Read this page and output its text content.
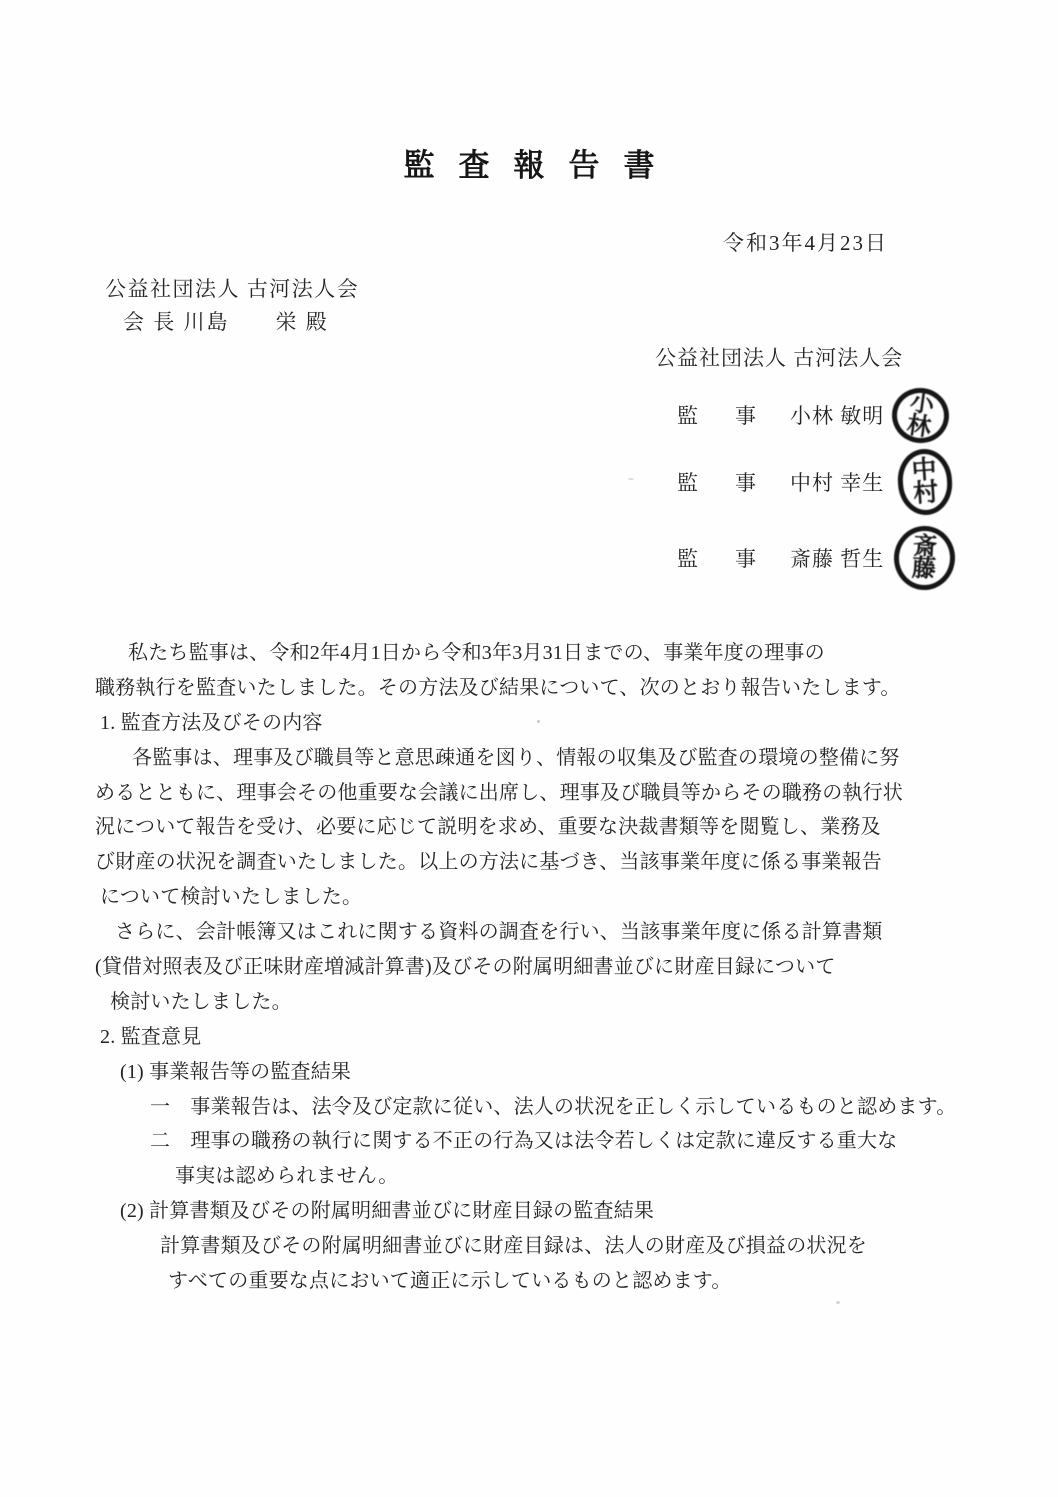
監査報告書
令和3年4月23日
公益社団法人 古河法人会
会 長 川島　　栄 殿
公益社団法人 古河法人会
監　事 小林 敏明 小林
監　事 中村 幸生 中村
監　事 斎藤 哲生 斎藤
私たち監事は、令和2年4月1日から令和3年3月31日までの、事業年度の理事の
職務執行を監査いたしました。その方法及び結果について、次のとおり報告いたします。
1. 監査方法及びその内容
各監事は、理事及び職員等と意思疎通を図り、情報の収集及び監査の環境の整備に努
めるとともに、理事会その他重要な会議に出席し、理事及び職員等からその職務の執行状
況について報告を受け、必要に応じて説明を求め、重要な決裁書類等を閲覧し、業務及
び財産の状況を調査いたしました。以上の方法に基づき、当該事業年度に係る事業報告
について検討いたしました。
さらに、会計帳簿又はこれに関する資料の調査を行い、当該事業年度に係る計算書類
(貸借対照表及び正味財産増減計算書)及びその附属明細書並びに財産目録について
検討いたしました。
2. 監査意見
(1) 事業報告等の監査結果
一　事業報告は、法令及び定款に従い、法人の状況を正しく示しているものと認めます。
二　理事の職務の執行に関する不正の行為又は法令若しくは定款に違反する重大な
事実は認められません。
(2) 計算書類及びその附属明細書並びに財産目録の監査結果
計算書類及びその附属明細書並びに財産目録は、法人の財産及び損益の状況を
すべての重要な点において適正に示しているものと認めます。
